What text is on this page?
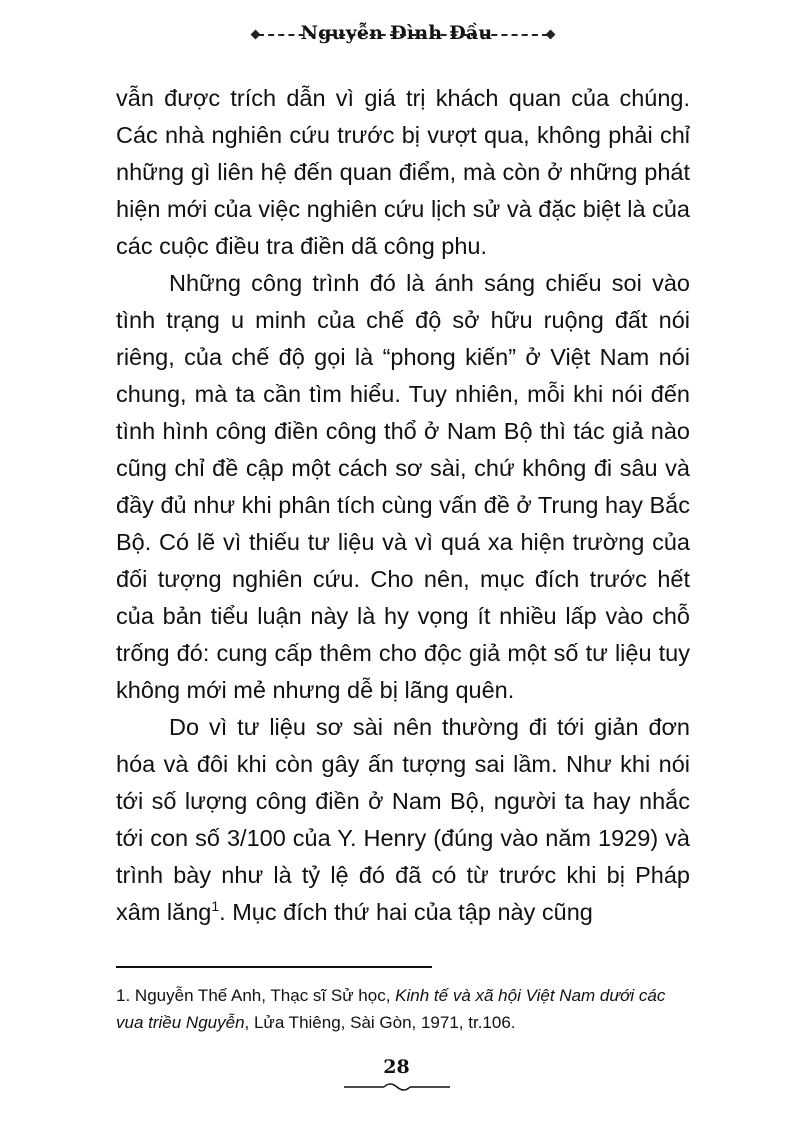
Nguyễn Đình Đầu

vẫn được trích dẫn vì giá trị khách quan của chúng. Các nhà nghiên cứu trước bị vượt qua, không phải chỉ những gì liên hệ đến quan điểm, mà còn ở những phát hiện mới của việc nghiên cứu lịch sử và đặc biệt là của các cuộc điều tra điền dã công phu.

Những công trình đó là ánh sáng chiếu soi vào tình trạng u minh của chế độ sở hữu ruộng đất nói riêng, của chế độ gọi là “phong kiến” ở Việt Nam nói chung, mà ta cần tìm hiểu. Tuy nhiên, mỗi khi nói đến tình hình công điền công thổ ở Nam Bộ thì tác giả nào cũng chỉ đề cập một cách sơ sài, chứ không đi sâu và đầy đủ như khi phân tích cùng vấn đề ở Trung hay Bắc Bộ. Có lẽ vì thiếu tư liệu và vì quá xa hiện trường của đối tượng nghiên cứu. Cho nên, mục đích trước hết của bản tiểu luận này là hy vọng ít nhiều lấp vào chỗ trống đó: cung cấp thêm cho độc giả một số tư liệu tuy không mới mẻ nhưng dễ bị lãng quên.

Do vì tư liệu sơ sài nên thường đi tới giản đơn hóa và đôi khi còn gây ấn tượng sai lầm. Như khi nói tới số lượng công điền ở Nam Bộ, người ta hay nhắc tới con số 3/100 của Y. Henry (đúng vào năm 1929) và trình bày như là tỷ lệ đó đã có từ trước khi bị Pháp xâm lăng$^1$. Mục đích thứ hai của tập này cũng

1. Nguyễn Thế Anh, Thạc sĩ Sử học, Kinh tế và xã hội Việt Nam dưới các vua triều Nguyễn, Lửa Thiêng, Sài Gòn, 1971, tr.106.
28
